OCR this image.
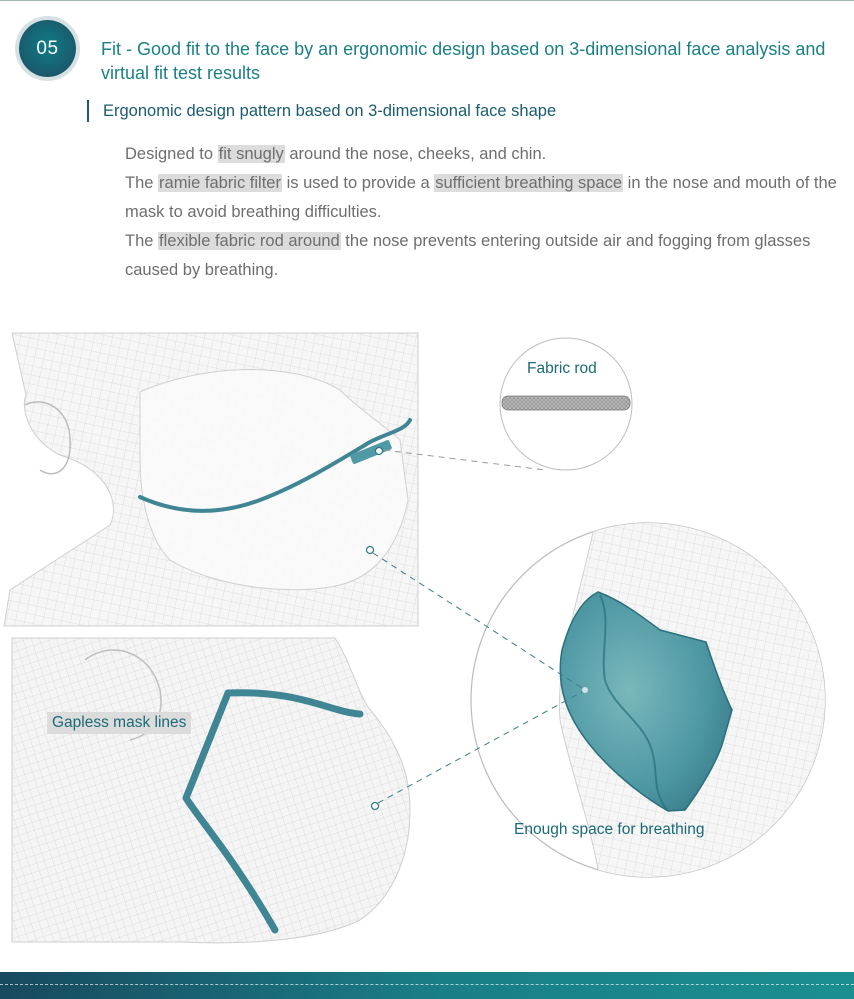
05 Fit - Good fit to the face by an ergonomic design based on 3-dimensional face analysis and virtual fit test results
Ergonomic design pattern based on 3-dimensional face shape

Designed to fit snugly around the nose, cheeks, and chin.

The ramie fabric filter is used to provide a sufficient breathing space in the nose and mouth of the mask to avoid breathing difficulties.

The flexible fabric rod around the nose prevents entering outside air and fogging from glasses caused by breathing.

Fabric rod
Enough space for breathing
Gapless mask lines
